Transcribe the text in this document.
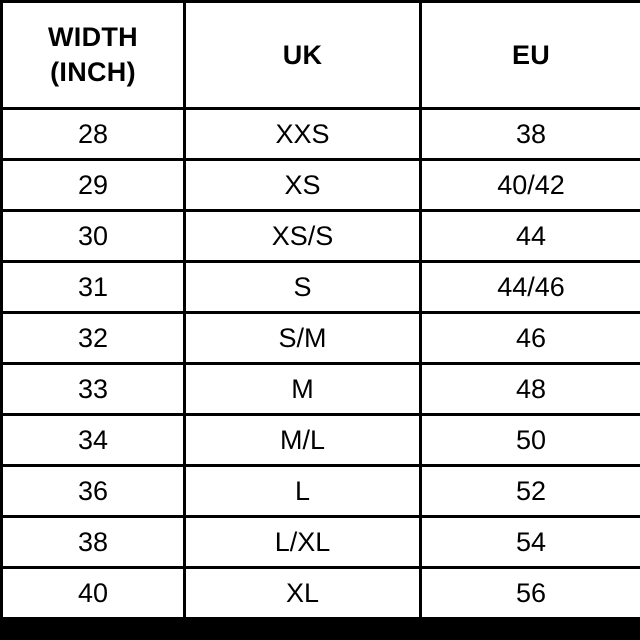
WIDTH
(INCH)	UK	EU

28	XXS	38
29	XS	40/42
30	XS/S	44
31	S	44/46
32	S/M	46
33	M	48
34	M/L	50
36	L	52
38	L/XL	54
40	XL	56
